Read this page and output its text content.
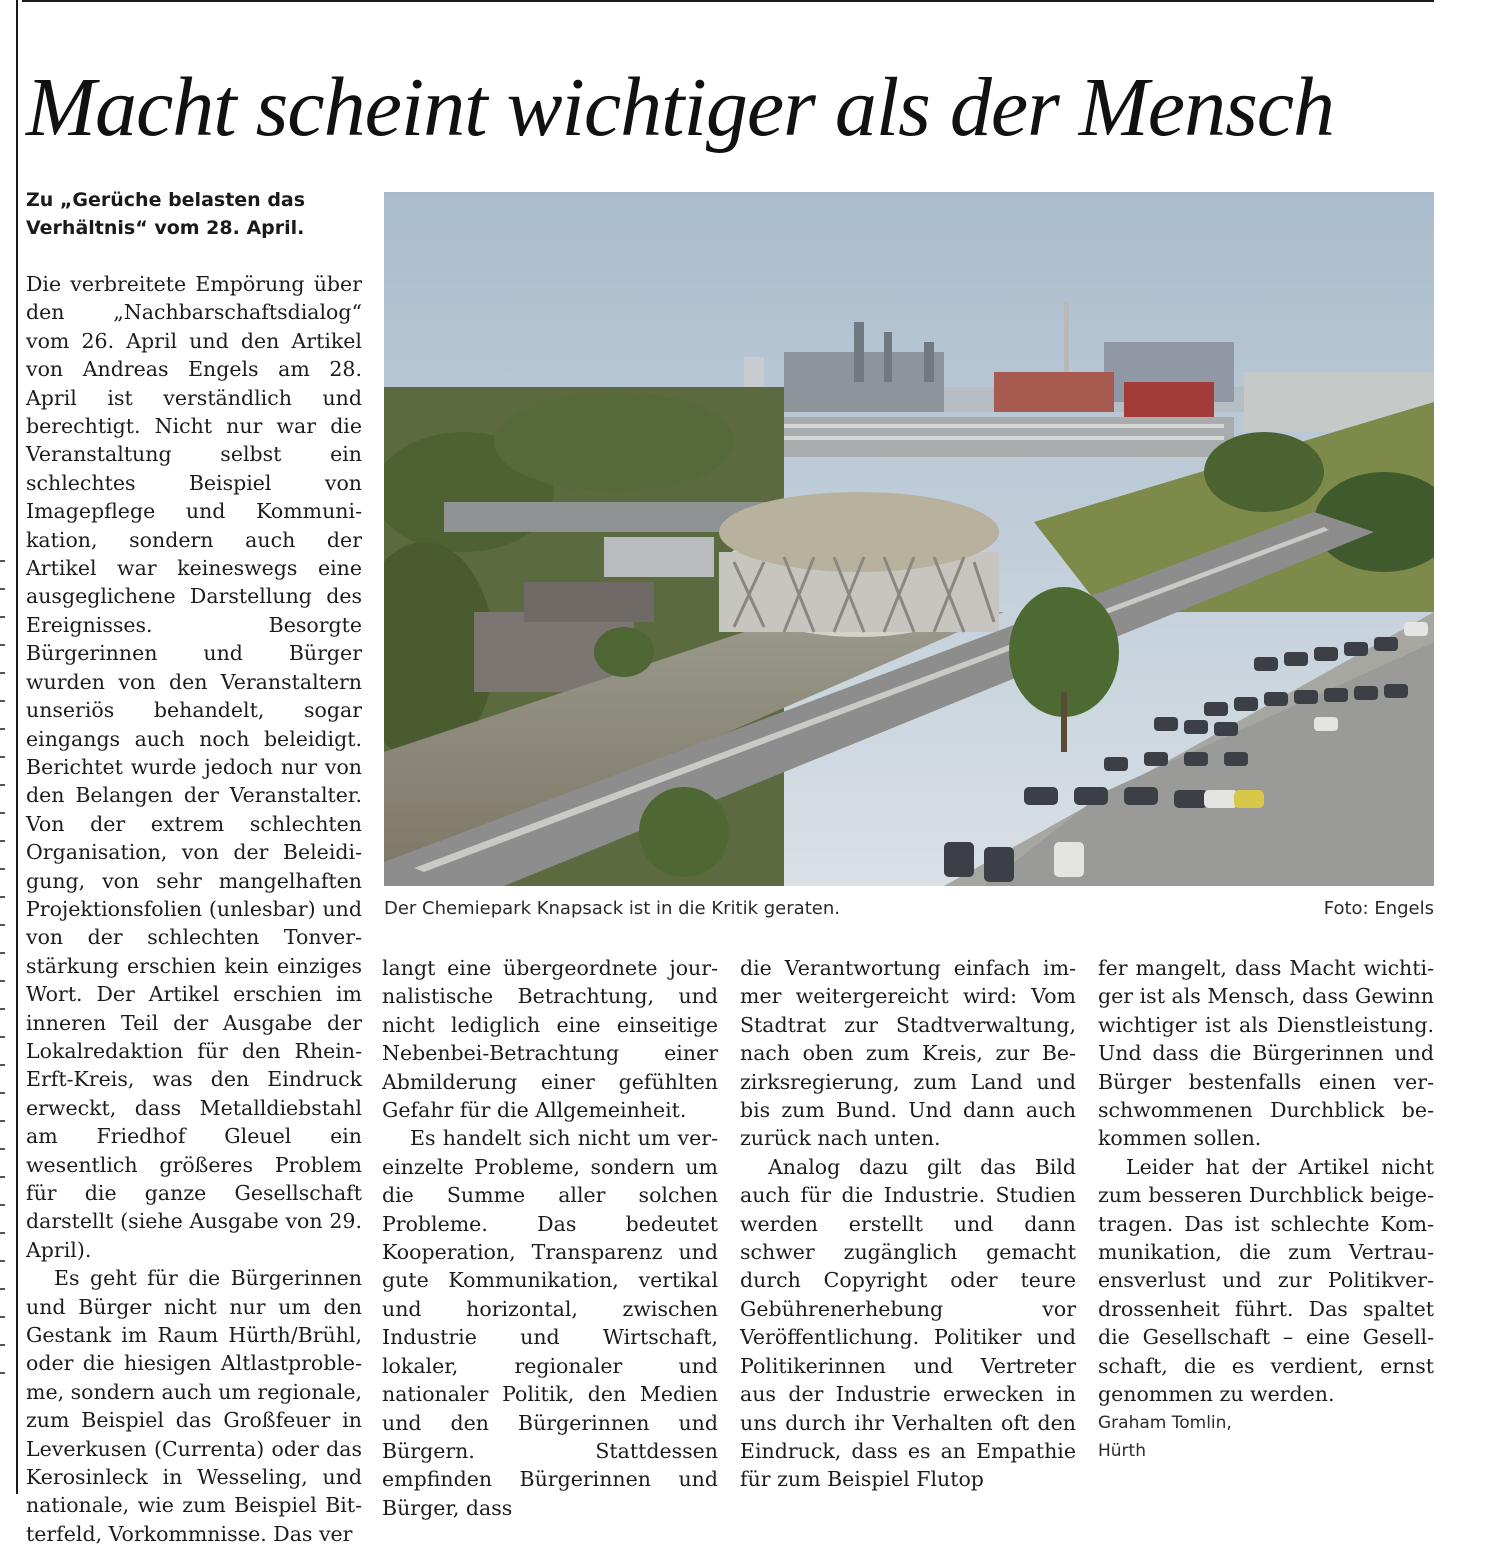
Macht scheint wichtiger als der Mensch
Zu „Gerüche belasten das Verhältnis“ vom 28. April.

Die verbreitete Empörung über den „Nachbarschaftsdialog“ vom 26. April und den Artikel von Andreas Engels am 28. April ist verständlich und berechtigt. Nicht nur war die Veranstaltung selbst ein schlechtes Beispiel von Imagepflege und Kommunikation, sondern auch der Artikel war keineswegs eine ausgeglichene Darstellung des Ereignisses. Besorgte Bürgerinnen und Bürger wurden von den Veranstaltern unseriös behandelt, sogar eingangs auch noch beleidigt. Berichtet wurde jedoch nur von den Belangen der Veranstalter. Von der extrem schlechten Organisation, von der Beleidigung, von sehr mangelhaften Projektionsfolien (unlesbar) und von der schlechten Tonverstärkung erschien kein einziges Wort. Der Artikel erschien im inneren Teil der Ausgabe der Lokalredaktion für den Rhein-Erft-Kreis, was den Eindruck erweckt, dass Metalldiebstahl am Friedhof Gleuel ein wesentlich größeres Problem für die ganze Gesellschaft darstellt (siehe Ausgabe von 29. April).

Es geht für die Bürgerinnen und Bürger nicht nur um den Gestank im Raum Hürth/Brühl, oder die hiesigen Altlastprobleme, sondern auch um regionale, zum Beispiel das Großfeuer in Leverkusen (Currenta) oder das Kerosinleck in Wesseling, und nationale, wie zum Beispiel Bitterfeld, Vorkommnisse. Das ver

Der Chemiepark Knapsack ist in die Kritik geraten.	Foto: Engels

langt eine übergeordnete journalistische Betrachtung, und nicht lediglich eine einseitige Nebenbei-Betrachtung einer Abmilderung einer gefühlten Gefahr für die Allgemeinheit.

Es handelt sich nicht um vereinzelte Probleme, sondern um die Summe aller solchen Probleme. Das bedeutet Kooperation, Transparenz und gute Kommunikation, vertikal und horizontal, zwischen Industrie und Wirtschaft, lokaler, regionaler und nationaler Politik, den Medien und den Bürgerinnen und Bürgern. Stattdessen empfinden Bürgerinnen und Bürger, dass

die Verantwortung einfach immer weitergereicht wird: Vom Stadtrat zur Stadtverwaltung, nach oben zum Kreis, zur Bezirksregierung, zum Land und bis zum Bund. Und dann auch zurück nach unten.

Analog dazu gilt das Bild auch für die Industrie. Studien werden erstellt und dann schwer zugänglich gemacht durch Copyright oder teure Gebührenerhebung vor Veröffentlichung. Politiker und Politikerinnen und Vertreter aus der Industrie erwecken in uns durch ihr Verhalten oft den Eindruck, dass es an Empathie für zum Beispiel Flutop

fer mangelt, dass Macht wichtiger ist als Mensch, dass Gewinn wichtiger ist als Dienstleistung. Und dass die Bürgerinnen und Bürger bestenfalls einen verschwommenen Durchblick bekommen sollen.

Leider hat der Artikel nicht zum besseren Durchblick beigetragen. Das ist schlechte Kommunikation, die zum Vertrauensverlust und zur Politikverdrossenheit führt. Das spaltet die Gesellschaft – eine Gesellschaft, die es verdient, ernst genommen zu werden.

Graham Tomlin,
Hürth
